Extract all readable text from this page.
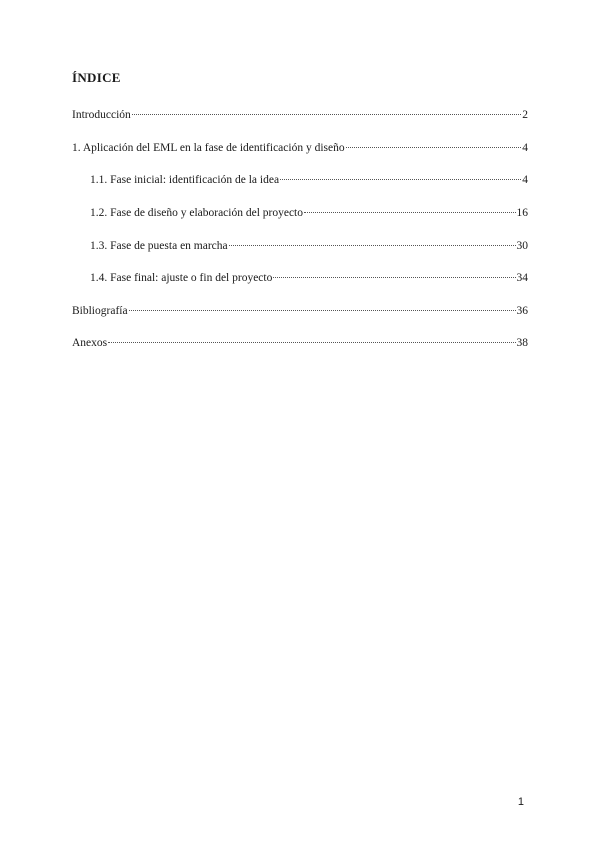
ÍNDICE
Introducción	2
1. Aplicación del EML en la fase de identificación y diseño	4
1.1. Fase inicial: identificación de la idea	4
1.2. Fase de diseño y elaboración del proyecto	16
1.3. Fase de puesta en marcha	30
1.4. Fase final: ajuste o fin del proyecto	34
Bibliografía	36
Anexos	38
1
